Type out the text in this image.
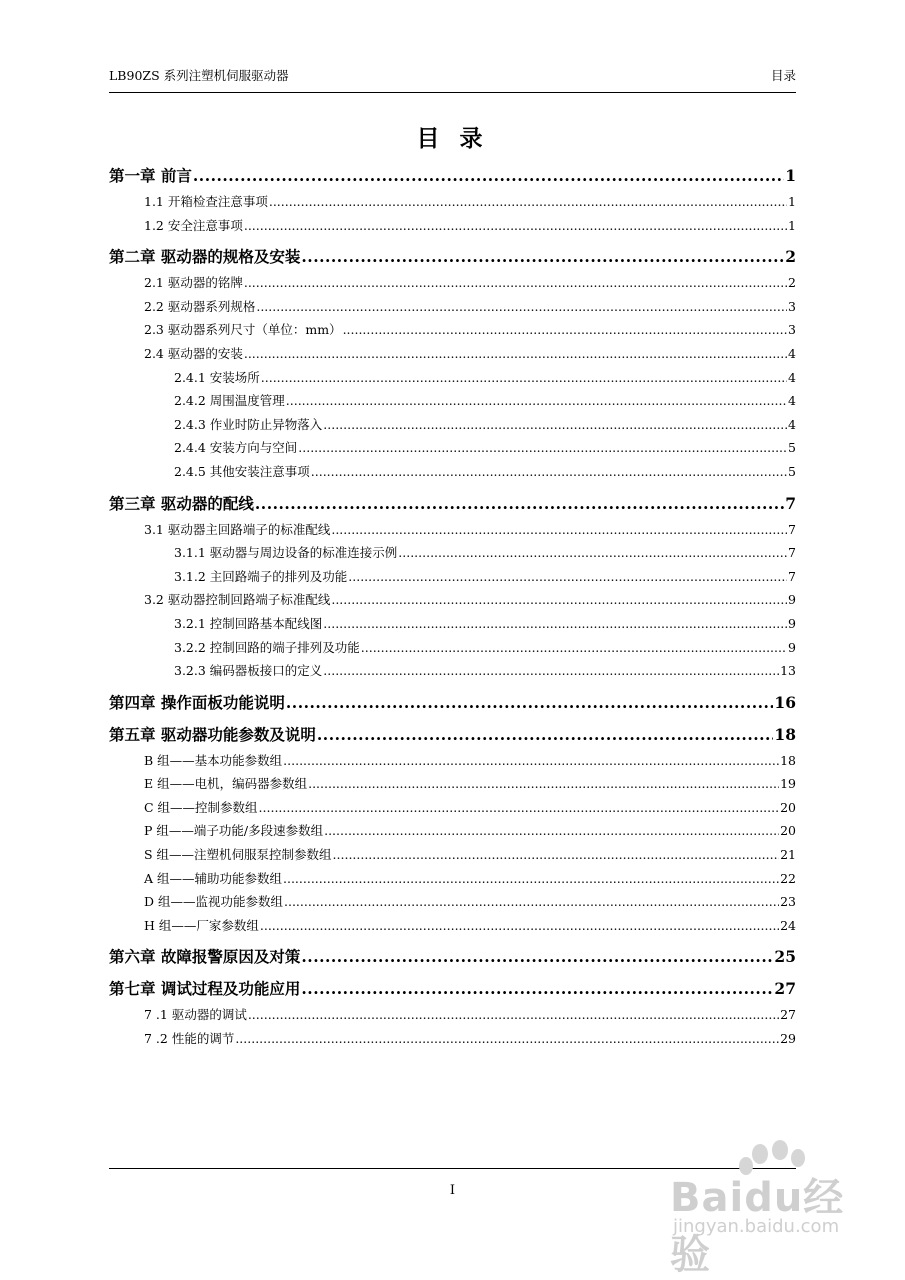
LB90ZS 系列注塑机伺服驱动器	目录
目 录
第一章 前言 .....	1
1.1 开箱检查注意事项 .....	1
1.2 安全注意事项 .....	1
第二章 驱动器的规格及安装 .....	2
2.1 驱动器的铭牌 .....	2
2.2 驱动器系列规格 .....	3
2.3 驱动器系列尺寸（单位：mm） .....	3
2.4 驱动器的安装 .....	4
2.4.1 安装场所 .....	4
2.4.2 周围温度管理 .....	4
2.4.3 作业时防止异物落入 .....	4
2.4.4 安装方向与空间 .....	5
2.4.5 其他安装注意事项 .....	5
第三章 驱动器的配线 .....	7
3.1 驱动器主回路端子的标准配线 .....	7
3.1.1 驱动器与周边设备的标准连接示例 .....	7
3.1.2 主回路端子的排列及功能 .....	7
3.2 驱动器控制回路端子标准配线 .....	9
3.2.1 控制回路基本配线图 .....	9
3.2.2 控制回路的端子排列及功能 .....	9
3.2.3 编码器板接口的定义 .....	13
第四章 操作面板功能说明 .....	16
第五章 驱动器功能参数及说明 .....	18
B 组——基本功能参数组 .....	18
E 组——电机，编码器参数组 .....	19
C 组——控制参数组 .....	20
P 组——端子功能/多段速参数组 .....	20
S 组——注塑机伺服泵控制参数组 .....	21
A 组——辅助功能参数组 .....	22
D 组——监视功能参数组 .....	23
H 组——厂家参数组 .....	24
第六章 故障报警原因及对策 .....	25
第七章 调试过程及功能应用 .....	27
7 .1 驱动器的调试 .....	27
7 .2 性能的调节 .....	29
I	Baidu经验
jingyan.baidu.com
